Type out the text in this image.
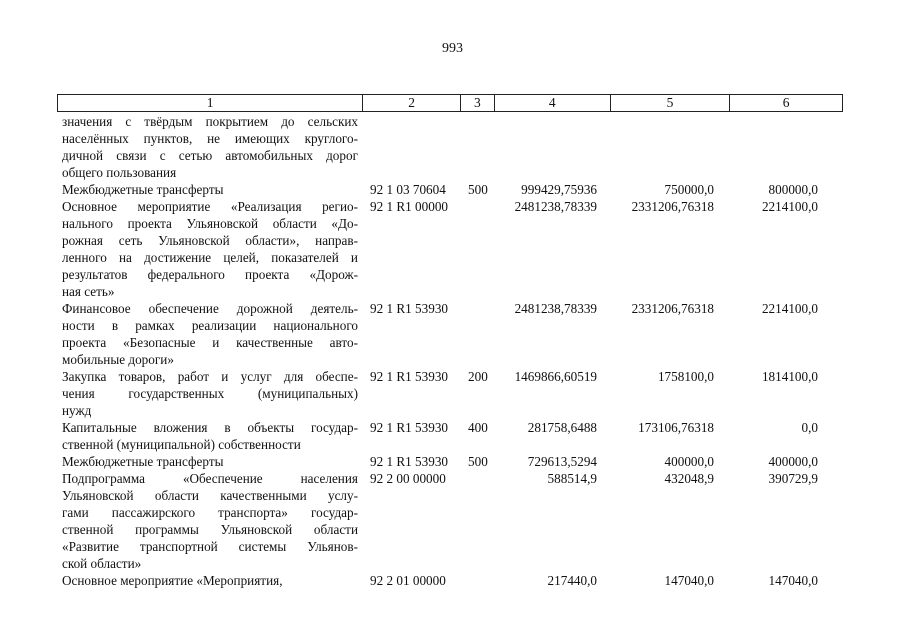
993
1	2	3	4	5	6
значения с твёрдым покрытием до сельских
населённых пунктов, не имеющих круглого-
дичной связи с сетью автомобильных дорог
общего пользования
Межбюджетные трансферты	92 1 03 70604 500	999429,75936	750000,0	800000,0
Основное мероприятие «Реализация регио-
нального проекта Ульяновской области «До-
рожная сеть Ульяновской области», направ-
ленного на достижение целей, показателей и
результатов федерального проекта «Дорож-
ная сеть»
92 1 R1 00000	2481238,78339	2331206,76318	2214100,0
Финансовое обеспечение дорожной деятель-
ности в рамках реализации национального
проекта «Безопасные и качественные авто-
мобильные дороги»
92 1 R1 53930	2481238,78339	2331206,76318	2214100,0
Закупка товаров, работ и услуг для обеспе-
чения государственных (муниципальных)
нужд
92 1 R1 53930 200 1469866,60519	1758100,0	1814100,0
Капитальные вложения в объекты государ-
ственной (муниципальной) собственности
92 1 R1 53930 400	281758,6488	173106,76318	0,0
Межбюджетные трансферты	92 1 R1 53930 500	729613,5294	400000,0	400000,0
Подпрограмма «Обеспечение населения
Ульяновской области качественными услу-
гами пассажирского транспорта» государ-
ственной программы Ульяновской области
«Развитие транспортной системы Ульянов-
ской области»
92 2 00 00000	588514,9	432048,9	390729,9
Основное мероприятие «Мероприятия,	92 2 01 00000	217440,0	147040,0	147040,0
